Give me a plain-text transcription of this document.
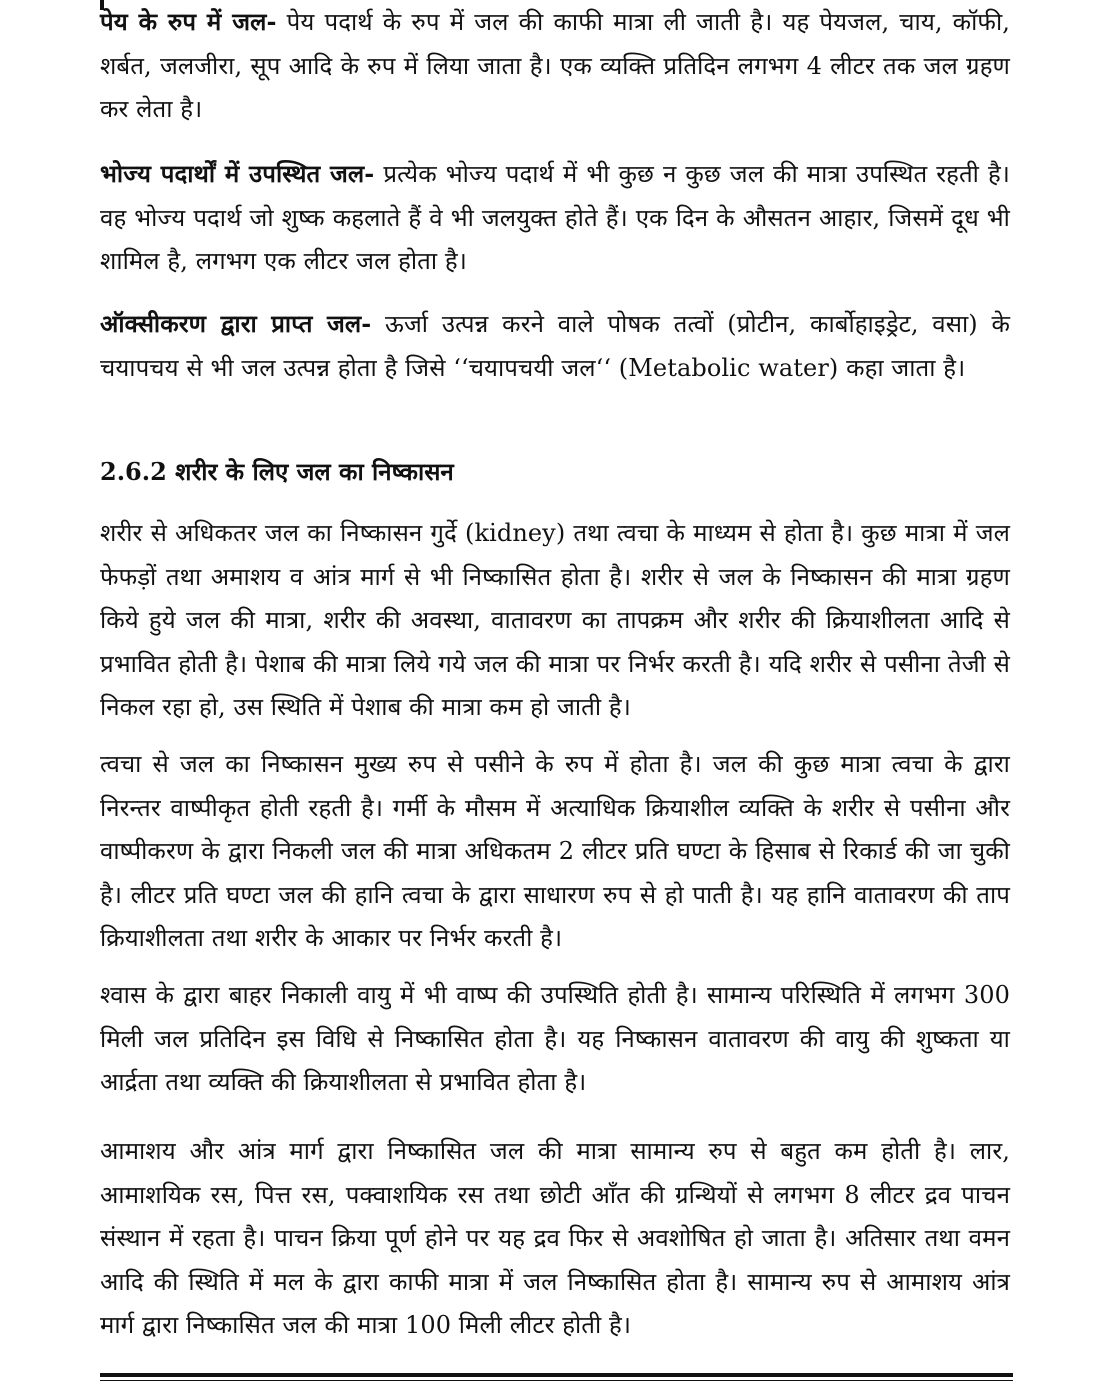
पेय के रुप में जल- पेय पदार्थ के रुप में जल की काफी मात्रा ली जाती है। यह पेयजल, चाय, कॉफी, शर्बत, जलजीरा, सूप आदि के रुप में लिया जाता है। एक व्यक्ति प्रतिदिन लगभग 4 लीटर तक जल ग्रहण कर लेता है।

भोज्य पदार्थों में उपस्थित जल- प्रत्येक भोज्य पदार्थ में भी कुछ न कुछ जल की मात्रा उपस्थित रहती है। वह भोज्य पदार्थ जो शुष्क कहलाते हैं वे भी जलयुक्त होते हैं। एक दिन के औसतन आहार, जिसमें दूध भी शामिल है, लगभग एक लीटर जल होता है।

ऑक्सीकरण द्वारा प्राप्त जल- ऊर्जा उत्पन्न करने वाले पोषक तत्वों (प्रोटीन, कार्बोहाइड्रेट, वसा) के चयापचय से भी जल उत्पन्न होता है जिसे ‘‘चयापचयी जल‘‘ (Metabolic water) कहा जाता है।

2.6.2 शरीर के लिए जल का निष्कासन

शरीर से अधिकतर जल का निष्कासन गुर्दे (kidney) तथा त्वचा के माध्यम से होता है। कुछ मात्रा में जल फेफड़ों तथा अमाशय व आंत्र मार्ग से भी निष्कासित होता है। शरीर से जल के निष्कासन की मात्रा ग्रहण किये हुये जल की मात्रा, शरीर की अवस्था, वातावरण का तापक्रम और शरीर की क्रियाशीलता आदि से प्रभावित होती है। पेशाब की मात्रा लिये गये जल की मात्रा पर निर्भर करती है। यदि शरीर से पसीना तेजी से निकल रहा हो, उस स्थिति में पेशाब की मात्रा कम हो जाती है।

त्वचा से जल का निष्कासन मुख्य रुप से पसीने के रुप में होता है। जल की कुछ मात्रा त्वचा के द्वारा निरन्तर वाष्पीकृत होती रहती है। गर्मी के मौसम में अत्याधिक क्रियाशील व्यक्ति के शरीर से पसीना और वाष्पीकरण के द्वारा निकली जल की मात्रा अधिकतम 2 लीटर प्रति घण्टा के हिसाब से रिकार्ड की जा चुकी है। लीटर प्रति घण्टा जल की हानि त्वचा के द्वारा साधारण रुप से हो पाती है। यह हानि वातावरण की ताप क्रियाशीलता तथा शरीर के आकार पर निर्भर करती है।

श्वास के द्वारा बाहर निकाली वायु में भी वाष्प की उपस्थिति होती है। सामान्य परिस्थिति में लगभग 300 मिली जल प्रतिदिन इस विधि से निष्कासित होता है। यह निष्कासन वातावरण की वायु की शुष्कता या आर्द्रता तथा व्यक्ति की क्रियाशीलता से प्रभावित होता है।

आमाशय और आंत्र मार्ग द्वारा निष्कासित जल की मात्रा सामान्य रुप से बहुत कम होती है। लार, आमाशयिक रस, पित्त रस, पक्वाशयिक रस तथा छोटी आँत की ग्रन्थियों से लगभग 8 लीटर द्रव पाचन संस्थान में रहता है। पाचन क्रिया पूर्ण होने पर यह द्रव फिर से अवशोषित हो जाता है। अतिसार तथा वमन आदि की स्थिति में मल के द्वारा काफी मात्रा में जल निष्कासित होता है। सामान्य रुप से आमाशय आंत्र मार्ग द्वारा निष्कासित जल की मात्रा 100 मिली लीटर होती है।
